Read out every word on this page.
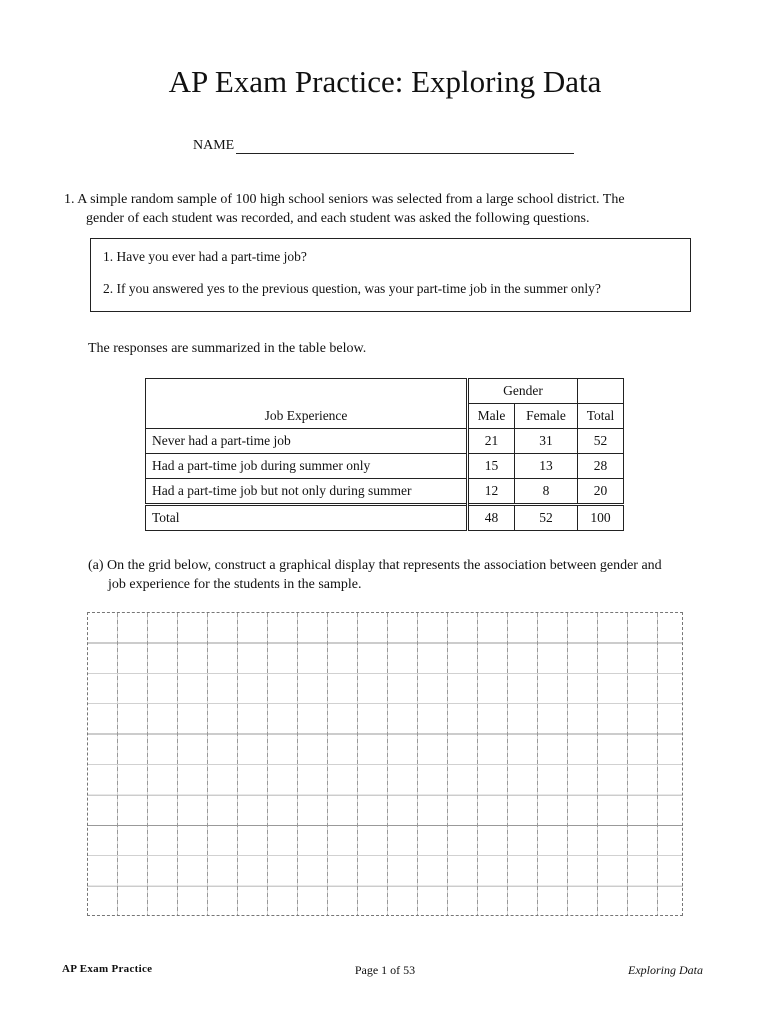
AP Exam Practice: Exploring Data
NAME
1. A simple random sample of 100 high school seniors was selected from a large school district. The
gender of each student was recorded, and each student was asked the following questions.

1. Have you ever had a part-time job?

2. If you answered yes to the previous question, was your part-time job in the summer only?

The responses are summarized in the table below.
Job Experience	Gender		
	Male	Female	Total
Never had a part-time job	21	31	52
Had a part-time job during summer only	15	13	28
Had a part-time job but not only during summer	12	8	20
Total	48	52	100
(a) On the grid below, construct a graphical display that represents the association between gender and
job experience for the students in the sample.
AP Exam Practice	Page 1 of 53	Exploring Data
